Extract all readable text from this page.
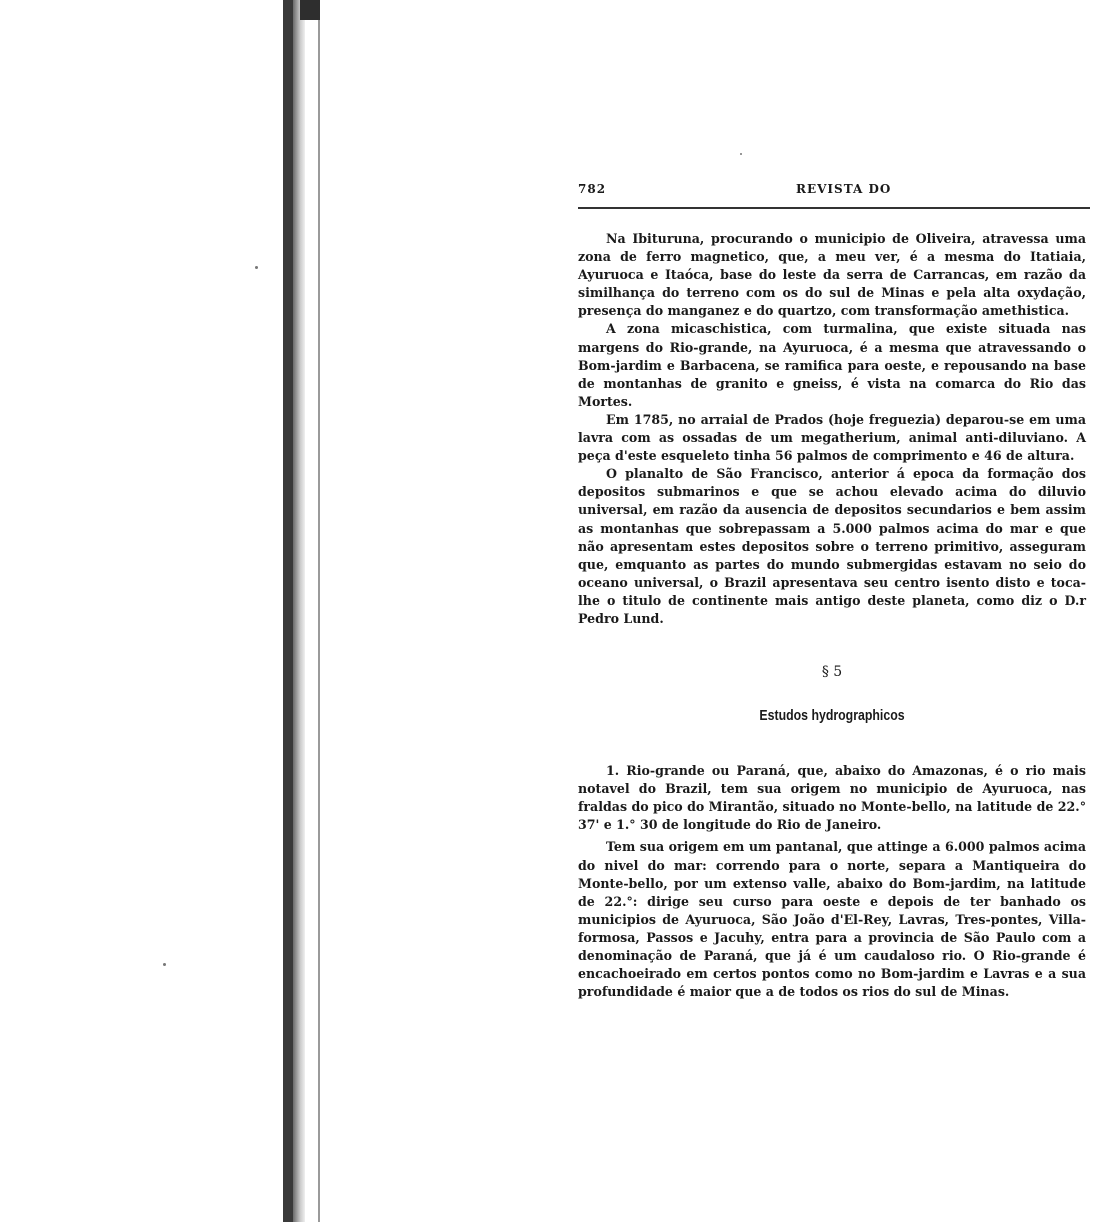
782	REVISTA DO

Na Ibituruna, procurando o municipio de Oliveira, atravessa uma zona de ferro magnetico, que, a meu ver, é a mesma do Itatiaia, Ayuruoca e Itaóca, base do leste da serra de Carrancas, em razão da similhança do terreno com os do sul de Minas e pela alta oxydação, presença do manganez e do quartzo, com transformação amethistica.

A zona micaschistica, com turmalina, que existe situada nas margens do Rio-grande, na Ayuruoca, é a mesma que atravessando o Bom-jardim e Barbacena, se ramifica para oeste, e repousando na base de montanhas de granito e gneiss, é vista na comarca do Rio das Mortes.

Em 1785, no arraial de Prados (hoje freguezia) deparou-se em uma lavra com as ossadas de um megatherium, animal anti-diluviano. A peça d'este esqueleto tinha 56 palmos de comprimento e 46 de altura.

O planalto de São Francisco, anterior á epoca da formação dos depositos submarinos e que se achou elevado acima do diluvio universal, em razão da ausencia de depositos secundarios e bem assim as montanhas que sobrepassam a 5.000 palmos acima do mar e que não apresentam estes depositos sobre o terreno primitivo, asseguram que, emquanto as partes do mundo submergidas estavam no seio do oceano universal, o Brazil apresentava seu centro isento disto e toca-lhe o titulo de continente mais antigo deste planeta, como diz o D.r Pedro Lund.

§ 5
Estudos hydrographicos

1. Rio-grande ou Paraná, que, abaixo do Amazonas, é o rio mais notavel do Brazil, tem sua origem no municipio de Ayuruoca, nas fraldas do pico do Mirantão, situado no Monte-bello, na latitude de 22.° 37' e 1.° 30 de longitude do Rio de Janeiro.

Tem sua origem em um pantanal, que attinge a 6.000 palmos acima do nivel do mar: correndo para o norte, separa a Mantiqueira do Monte-bello, por um extenso valle, abaixo do Bom-jardim, na latitude de 22.°: dirige seu curso para oeste e depois de ter banhado os municipios de Ayuruoca, São João d'El-Rey, Lavras, Tres-pontes, Villa-formosa, Passos e Jacuhy, entra para a provincia de São Paulo com a denominação de Paraná, que já é um caudaloso rio. O Rio-grande é encachoeirado em certos pontos como no Bom-jardim e Lavras e a sua profundidade é maior que a de todos os rios do sul de Minas.
